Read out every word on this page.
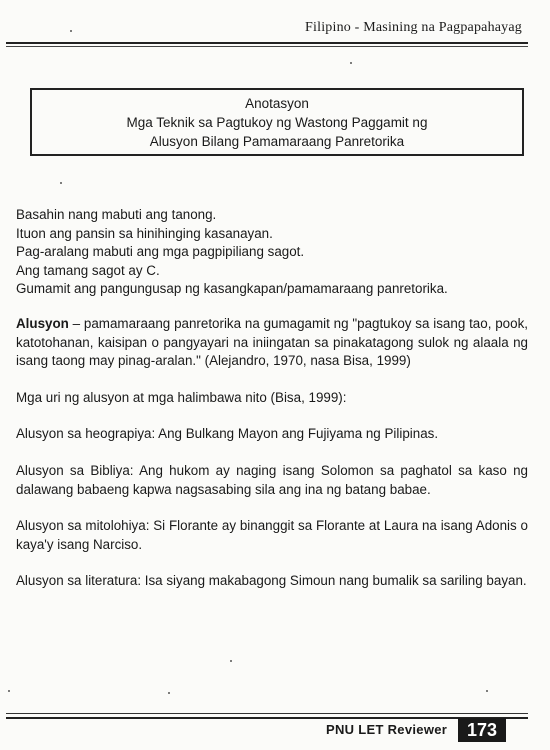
Filipino - Masining na Pagpapahayag
Anotasyon
Mga Teknik sa Pagtukoy ng Wastong Paggamit ng
Alusyon Bilang Pamamaraang Panretorika
Basahin nang mabuti ang tanong.
Ituon ang pansin sa hinihinging kasanayan.
Pag-aralang mabuti ang mga pagpipiliang sagot.
Ang tamang sagot ay C.
Gumamit ang pangungusap ng kasangkapan/pamamaraang panretorika.
Alusyon – pamamaraang panretorika na gumagamit ng "pagtukoy sa isang tao, pook, katotohanan, kaisipan o pangyayari na iniingatan sa pinakatagong sulok ng alaala ng isang taong may pinag-aralan." (Alejandro, 1970, nasa Bisa, 1999)
Mga uri ng alusyon at mga halimbawa nito (Bisa, 1999):
Alusyon sa heograpiya: Ang Bulkang Mayon ang Fujiyama ng Pilipinas.
Alusyon sa Bibliya: Ang hukom ay naging isang Solomon sa paghatol sa kaso ng dalawang babaeng kapwa nagsasabing sila ang ina ng batang babae.
Alusyon sa mitolohiya: Si Florante ay binanggit sa Florante at Laura na isang Adonis o kaya'y isang Narciso.
Alusyon sa literatura: Isa siyang makabagong Simoun nang bumalik sa sariling bayan.
PNU LET Reviewer	173
